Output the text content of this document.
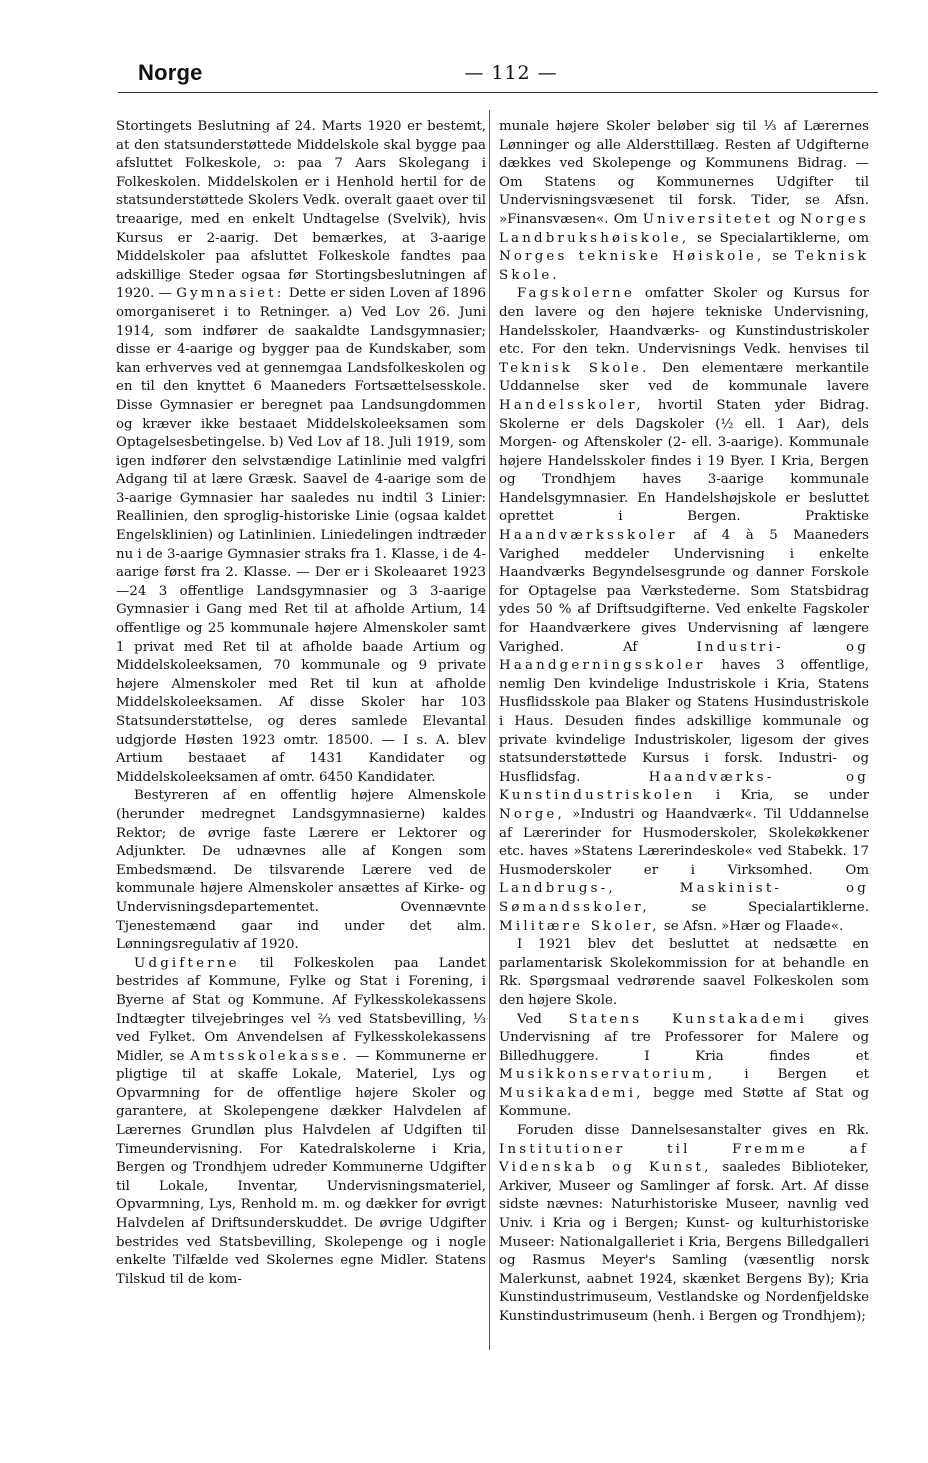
Norge	— 112 —

Stortingets Beslutning af 24. Marts 1920 er bestemt, at den statsunderstøttede Middelskole skal bygge paa afsluttet Folkeskole, ɔ: paa 7 Aars Skolegang i Folkeskolen. Middelskolen er i Henhold hertil for de statsunderstøttede Skolers Vedk. overalt gaaet over til treaarige, med en enkelt Undtagelse (Svelvik), hvis Kursus er 2-aarig. Det bemærkes, at 3-aarige Middelskoler paa afsluttet Folkeskole fandtes paa adskillige Steder ogsaa før Stortingsbeslutningen af 1920. — Gymnasiet: Dette er siden Loven af 1896 omorganiseret i to Retninger. a) Ved Lov 26. Juni 1914, som indfører de saakaldte Landsgymnasier; disse er 4-aarige og bygger paa de Kundskaber, som kan erhverves ved at gennemgaa Landsfolkeskolen og en til den knyttet 6 Maaneders Fortsættelsesskole. Disse Gymnasier er beregnet paa Landsungdommen og kræver ikke bestaaet Middelskoleeksamen som Optagelsesbetingelse. b) Ved Lov af 18. Juli 1919, som igen indfører den selvstændige Latinlinie med valgfri Adgang til at lære Græsk. Saavel de 4-aarige som de 3-aarige Gymnasier har saaledes nu indtil 3 Linier: Reallinien, den sproglig-historiske Linie (ogsaa kaldet Engelsklinien) og Latinlinien. Liniedelingen indtræder nu i de 3-aarige Gymnasier straks fra 1. Klasse, i de 4-aarige først fra 2. Klasse. — Der er i Skoleaaret 1923—24 3 offentlige Landsgymnasier og 3 3-aarige Gymnasier i Gang med Ret til at afholde Artium, 14 offentlige og 25 kommunale højere Almenskoler samt 1 privat med Ret til at afholde baade Artium og Middelskoleeksamen, 70 kommunale og 9 private højere Almenskoler med Ret til kun at afholde Middelskoleeksamen. Af disse Skoler har 103 Statsunderstøttelse, og deres samlede Elevantal udgjorde Høsten 1923 omtr. 18500. — I s. A. blev Artium bestaaet af 1431 Kandidater og Middelskoleeksamen af omtr. 6450 Kandidater.

Bestyreren af en offentlig højere Almenskole (herunder medregnet Landsgymnasierne) kaldes Rektor; de øvrige faste Lærere er Lektorer og Adjunkter. De udnævnes alle af Kongen som Embedsmænd. De tilsvarende Lærere ved de kommunale højere Almenskoler ansættes af Kirke- og Undervisningsdepartementet. Ovennævnte Tjenestemænd gaar ind under det alm. Lønningsregulativ af 1920.

Udgifterne til Folkeskolen paa Landet bestrides af Kommune, Fylke og Stat i Forening, i Byerne af Stat og Kommune. Af Fylkesskolekassens Indtægter tilvejebringes vel ⅔ ved Statsbevilling, ⅓ ved Fylket. Om Anvendelsen af Fylkesskolekassens Midler, se Amtsskolekasse. — Kommunerne er pligtige til at skaffe Lokale, Materiel, Lys og Opvarmning for de offentlige højere Skoler og garantere, at Skolepengene dækker Halvdelen af Lærernes Grundløn plus Halvdelen af Udgiften til Timeundervisning. For Katedralskolerne i Kria, Bergen og Trondhjem udreder Kommunerne Udgifter til Lokale, Inventar, Undervisningsmateriel, Opvarmning, Lys, Renhold m. m. og dækker for øvrigt Halvdelen af Driftsunderskuddet. De øvrige Udgifter bestrides ved Statsbevilling, Skolepenge og i nogle enkelte Tilfælde ved Skolernes egne Midler. Statens Tilskud til de kom-

munale højere Skoler beløber sig til ⅓ af Lærernes Lønninger og alle Aldersttillæg. Resten af Udgifterne dækkes ved Skolepenge og Kommunens Bidrag. — Om Statens og Kommunernes Udgifter til Undervisningsvæsenet til forsk. Tider, se Afsn. »Finansvæsen«. Om Universitetet og Norges Landbrukshøiskole, se Specialartiklerne, om Norges tekniske Høiskole, se Teknisk Skole.

Fagskolerne omfatter Skoler og Kursus for den lavere og den højere tekniske Undervisning, Handelsskoler, Haandværks- og Kunstindustriskoler etc. For den tekn. Undervisnings Vedk. henvises til Teknisk Skole. Den elementære merkantile Uddannelse sker ved de kommunale lavere Handelsskoler, hvortil Staten yder Bidrag. Skolerne er dels Dagskoler (½ ell. 1 Aar), dels Morgen- og Aftenskoler (2- ell. 3-aarige). Kommunale højere Handelsskoler findes i 19 Byer. I Kria, Bergen og Trondhjem haves 3-aarige kommunale Handelsgymnasier. En Handelshøjskole er besluttet oprettet i Bergen. Praktiske Haandværksskoler af 4 à 5 Maaneders Varighed meddeler Undervisning i enkelte Haandværks Begyndelsesgrunde og danner Forskole for Optagelse paa Værkstederne. Som Statsbidrag ydes 50 % af Driftsudgifterne. Ved enkelte Fagskoler for Haandværkere gives Undervisning af længere Varighed. Af	Industri- og Haandgerningsskoler haves 3 offentlige, nemlig Den kvindelige Industriskole i Kria, Statens Husflidsskole paa Blaker og Statens Husindustriskole i Haus. Desuden findes adskillige kommunale og private kvindelige Industriskoler, ligesom der gives statsunderstøttede Kursus i forsk. Industri- og Husflidsfag.	Haandværks- og Kunstindustriskolen i Kria, se under Norge, »Industri og Haandværk«. Til Uddannelse af Lærerinder for Husmoderskoler, Skolekøkkener etc. haves »Statens Lærerindeskole« ved Stabekk. 17 Husmoderskoler er i Virksomhed. Om Landbrugs-, Maskinist- og Sømandsskoler,	se Specialartiklerne. Militære Skoler, se Afsn. »Hær og Flaade«.

I 1921 blev det besluttet at nedsætte en parlamentarisk Skolekommission for at behandle en Rk. Spørgsmaal vedrørende saavel Folkeskolen som den højere Skole.

Ved Statens Kunstakademi gives Undervisning af tre Professorer for Malere og Billedhuggere. I Kria findes et Musikkonservatorium, i Bergen et Musikakademi, begge med Støtte af Stat og Kommune.

Foruden disse Dannelsesanstalter gives en Rk. Institutioner til Fremme af Videnskab og Kunst, saaledes Biblioteker, Arkiver, Museer og Samlinger af forsk. Art. Af disse sidste nævnes: Naturhistoriske Museer, navnlig ved Univ. i Kria og i Bergen; Kunst- og kulturhistoriske Museer: Nationalgalleriet i Kria, Bergens Billedgalleri og Rasmus Meyer's Samling (væsentlig norsk Malerkunst, aabnet 1924, skænket Bergens By); Kria Kunstindustrimuseum, Vestlandske og Nordenfjeldske Kunstindustrimuseum (henh. i Bergen og Trondhjem);
